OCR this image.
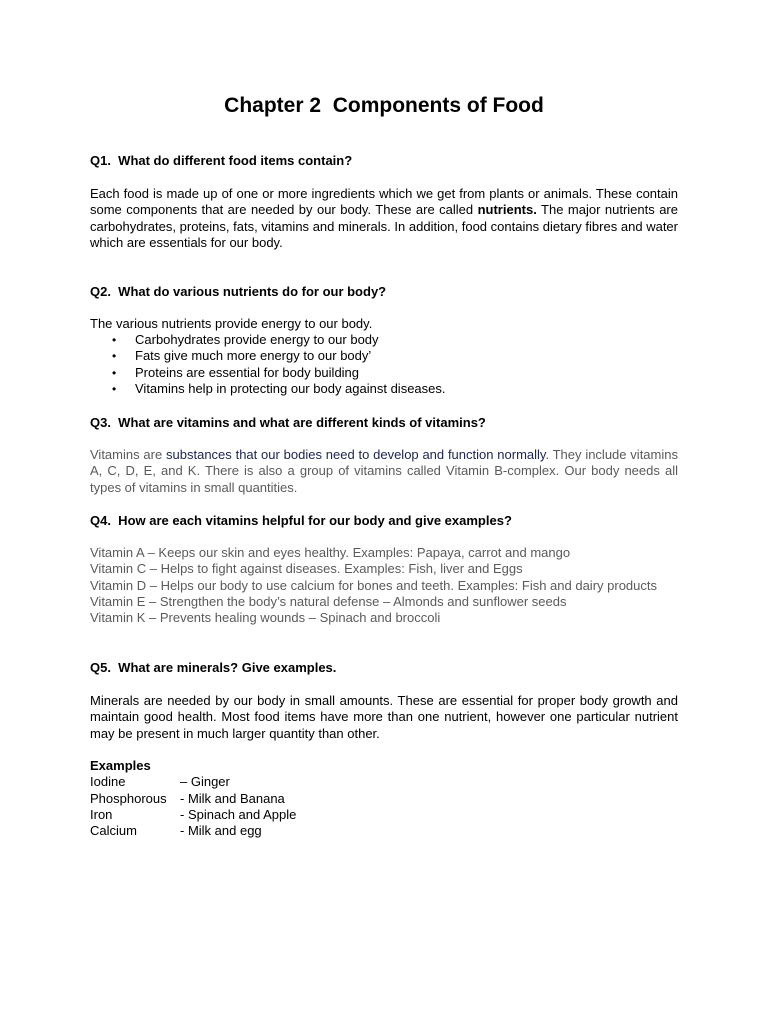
Chapter 2  Components of Food
Q1.  What do different food items contain?
Each food is made up of one or more ingredients which we get from plants or animals. These contain some components that are needed by our body. These are called nutrients. The major nutrients are carbohydrates, proteins, fats, vitamins and minerals. In addition, food contains dietary fibres and water which are essentials for our body.
Q2.  What do various nutrients do for our body?
The various nutrients provide energy to our body.
• Carbohydrates provide energy to our body
• Fats give much more energy to our body’
• Proteins are essential for body building
• Vitamins help in protecting our body against diseases.
Q3.  What are vitamins and what are different kinds of vitamins?
Vitamins are substances that our bodies need to develop and function normally. They include vitamins A, C, D, E, and K. There is also a group of vitamins called Vitamin B-complex. Our body needs all types of vitamins in small quantities.
Q4.  How are each vitamins helpful for our body and give examples?
Vitamin A – Keeps our skin and eyes healthy. Examples: Papaya, carrot and mango
Vitamin C – Helps to fight against diseases. Examples: Fish, liver and Eggs
Vitamin D – Helps our body to use calcium for bones and teeth. Examples: Fish and dairy products
Vitamin E – Strengthen the body’s natural defense – Almonds and sunflower seeds
Vitamin K – Prevents healing wounds – Spinach and broccoli
Q5.  What are minerals? Give examples.
Minerals are needed by our body in small amounts. These are essential for proper body growth and maintain good health. Most food items have more than one nutrient, however one particular nutrient may be present in much larger quantity than other.
Examples
Iodine	– Ginger
Phosphorous	- Milk and Banana
Iron	- Spinach and Apple
Calcium	- Milk and egg
